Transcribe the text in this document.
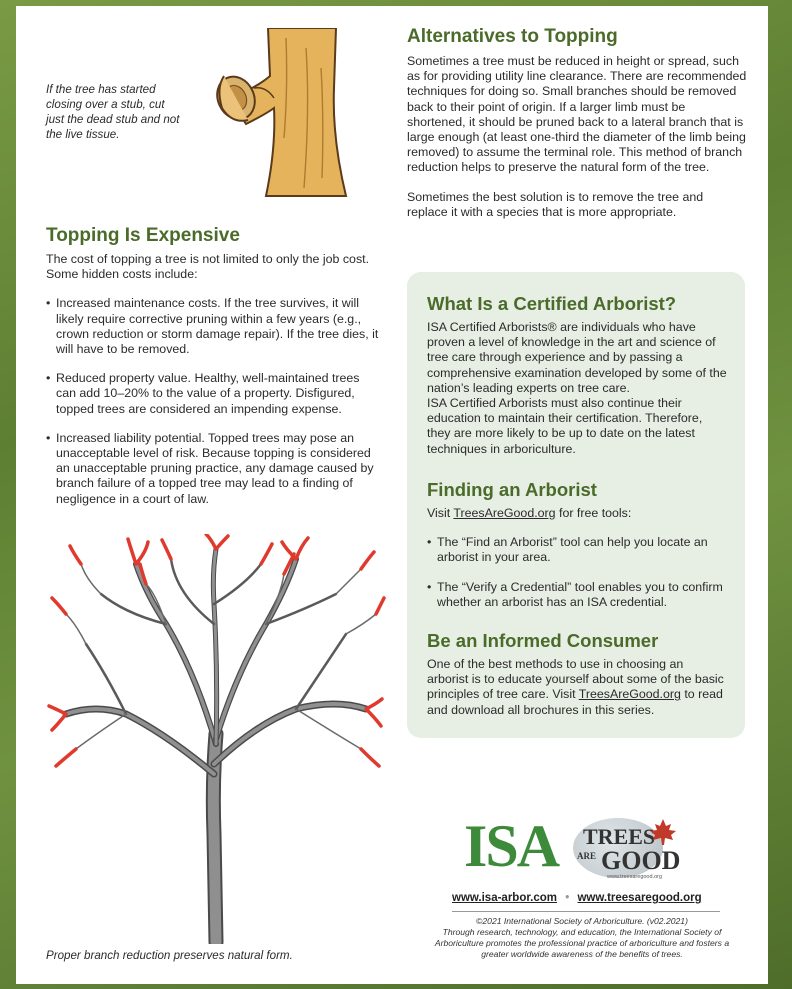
If the tree has started closing over a stub, cut just the dead stub and not the live tissue.
Alternatives to Topping

Sometimes a tree must be reduced in height or spread, such as for providing utility line clearance. There are recommended techniques for doing so. Small branches should be removed back to their point of origin. If a larger limb must be shortened, it should be pruned back to a lateral branch that is large enough (at least one-third the diameter of the limb being removed) to assume the terminal role. This method of branch reduction helps to preserve the natural form of the tree.

Sometimes the best solution is to remove the tree and replace it with a species that is more appropriate.

Topping Is Expensive

The cost of topping a tree is not limited to only the job cost. Some hidden costs include:

• Increased maintenance costs. If the tree survives, it will likely require corrective pruning within a few years (e.g., crown reduction or storm damage repair). If the tree dies, it will have to be removed.

• Reduced property value. Healthy, well-maintained trees can add 10–20% to the value of a property. Disfigured, topped trees are considered an impending expense.

• Increased liability potential. Topped trees may pose an unacceptable level of risk. Because topping is considered an unacceptable pruning practice, any damage caused by branch failure of a topped tree may lead to a finding of negligence in a court of law.

Proper branch reduction preserves natural form.
What Is a Certified Arborist?

ISA Certified Arborists® are individuals who have proven a level of knowledge in the art and science of tree care through experience and by passing a comprehensive examination developed by some of the nation’s leading experts on tree care.

ISA Certified Arborists must also continue their education to maintain their certification. Therefore, they are more likely to be up to date on the latest techniques in arboriculture.

Finding an Arborist

Visit TreesAreGood.org for free tools:

• The “Find an Arborist” tool can help you locate an arborist in your area.

• The “Verify a Credential” tool enables you to confirm whether an arborist has an ISA credential.

Be an Informed Consumer

One of the best methods to use in choosing an arborist is to educate yourself about some of the basic principles of tree care. Visit TreesAreGood.org to read and download all brochures in this series.

ISA TREES
ARE GOOD
www.treesaregood.org
www.isa-arbor.com • www.treesaregood.org
©2021 International Society of Arboriculture. (v02.2021)
Through research, technology, and education, the International Society of Arboriculture promotes the professional practice of arboriculture and fosters a greater worldwide awareness of the benefits of trees.
